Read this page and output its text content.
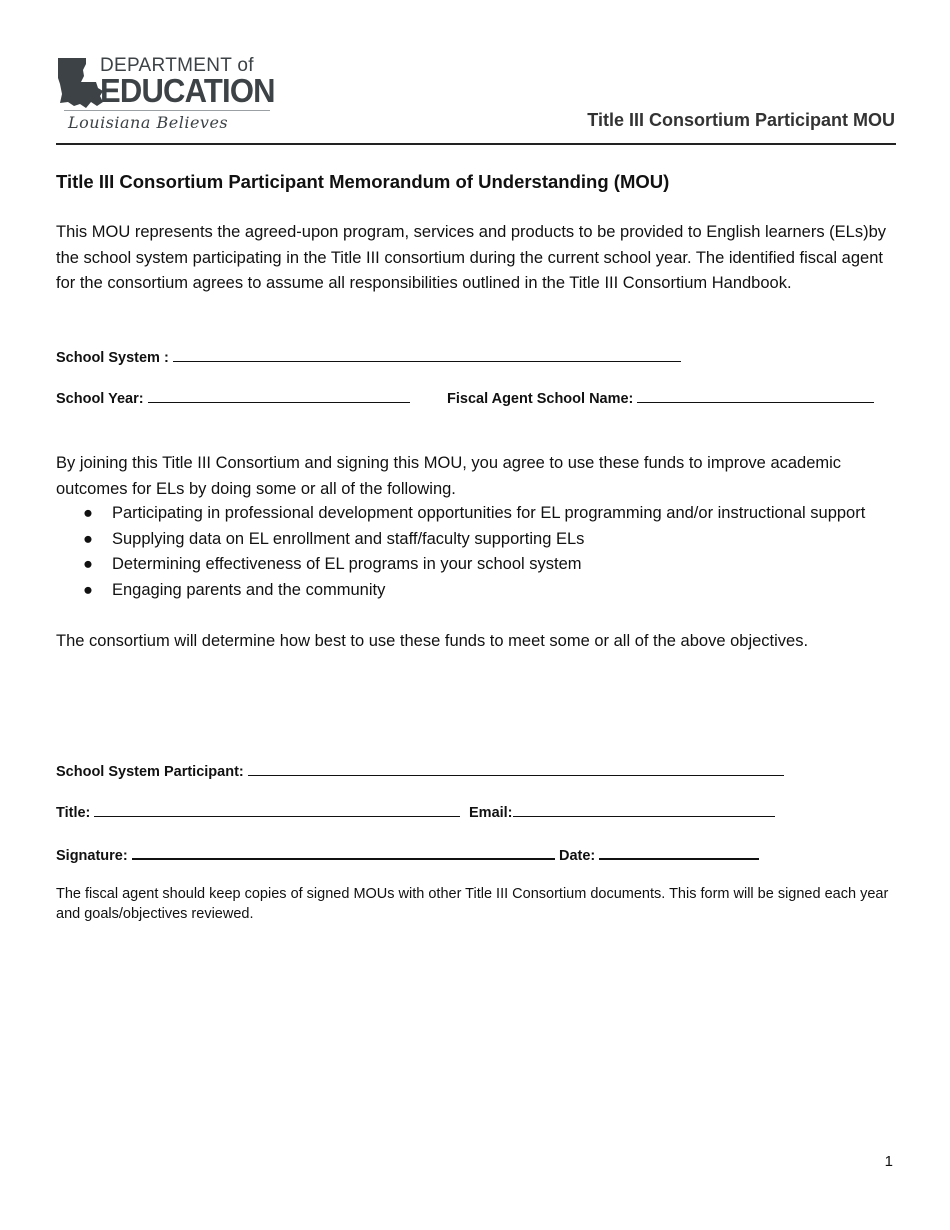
DEPARTMENT of
EDUCATION
Louisiana Believes	Title III Consortium Participant MOU
Title III Consortium Participant Memorandum of Understanding (MOU)
This MOU represents the agreed-upon program, services and products to be provided to English learners (ELs)by the school system participating in the Title III consortium during the current school year. The identified fiscal agent for the consortium agrees to assume all responsibilities outlined in the Title III Consortium Handbook.
School System :
School Year:	Fiscal Agent School Name:
By joining this Title III Consortium and signing this MOU, you agree to use these funds to improve academic outcomes for ELs by doing some or all of the following.
● Participating in professional development opportunities for EL programming and/or instructional support
● Supplying data on EL enrollment and staff/faculty supporting ELs
● Determining effectiveness of EL programs in your school system
● Engaging parents and the community
The consortium will determine how best to use these funds to meet some or all of the above objectives.
School System Participant:
Title:	Email:
Signature:	Date:
The fiscal agent should keep copies of signed MOUs with other Title III Consortium documents. This form will be signed each year and goals/objectives reviewed.
1
